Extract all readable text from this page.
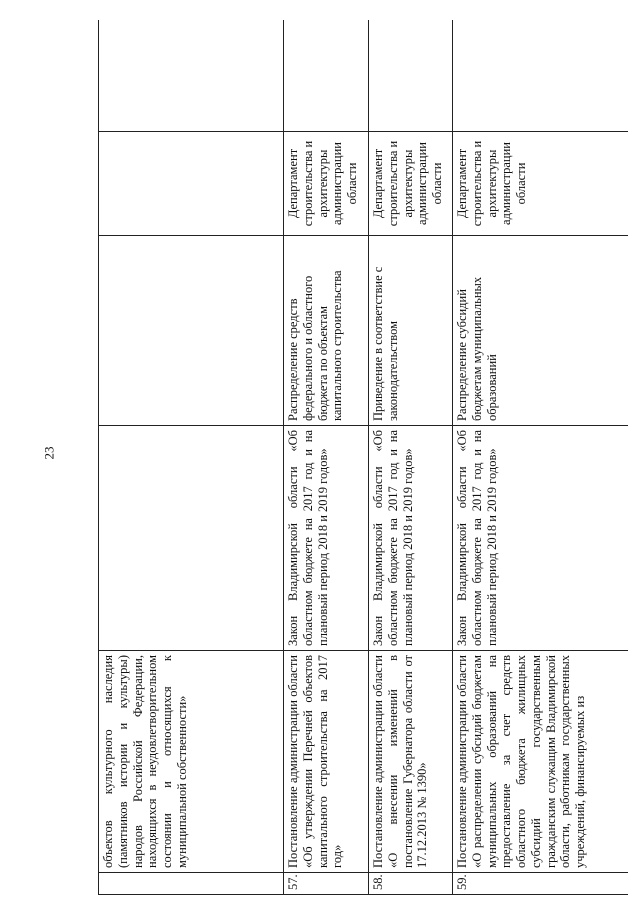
23
	объектов культурного наследия (памятников истории и культуры) народов Российской Федерации, находящихся в неудовлетворительном состоянии и относящихся к муниципальной собственности»				
57.	Постановление администрации области «Об утверждении Перечней объектов капитального строительства на 2017 год»	Закон Владимирской области «Об областном бюджете на 2017 год и на плановый период 2018 и 2019 годов»	Распределение средств федерального и областного бюджета по объектам капитального строительства	Департамент строительства и архитектуры администрации области	
58.	Постановление администрации области «О внесении изменений в постановление Губернатора области от 17.12.2013 № 1390»	Закон Владимирской области «Об областном бюджете на 2017 год и на плановый период 2018 и 2019 годов»	Приведение в соответствие с законодательством	Департамент строительства и архитектуры администрации области	
59.	Постановление администрации области «О распределении субсидий бюджетам муниципальных образований на предоставление за счет средств областного бюджета жилищных субсидий государственным гражданским служащим Владимирской области, работникам государственных учреждений, финансируемых из	Закон Владимирской области «Об областном бюджете на 2017 год и на плановый период 2018 и 2019 годов»	Распределение субсидий бюджетам муниципальных образований	Департамент строительства и архитектуры администрации области	
